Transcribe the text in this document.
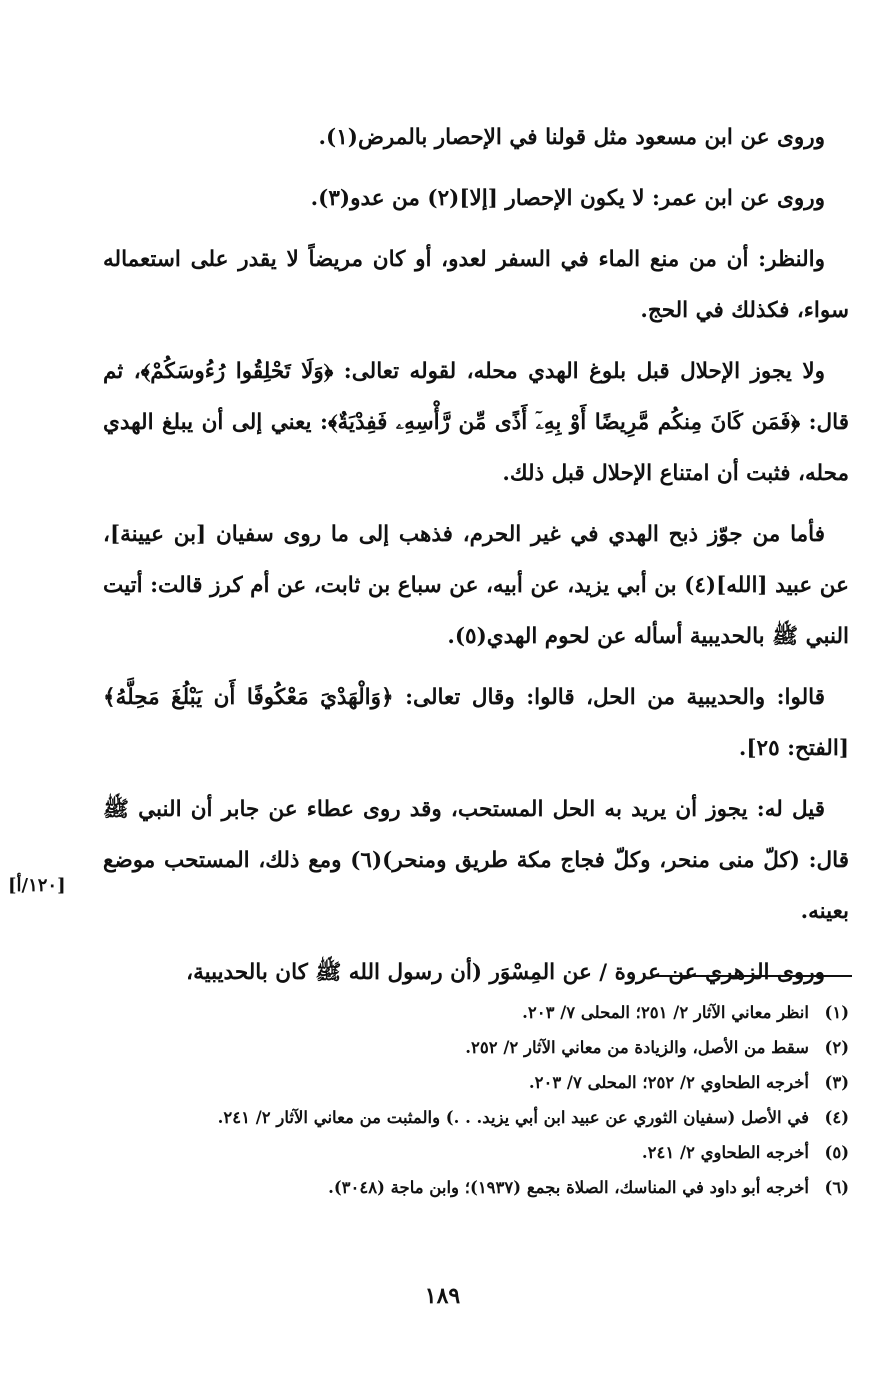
وروى عن ابن مسعود مثل قولنا في الإحصار بالمرض(١).

وروى عن ابن عمر: لا يكون الإحصار [إلا](٢) من عدو(٣).

والنظر: أن من منع الماء في السفر لعدو، أو كان مريضاً لا يقدر على استعماله سواء، فكذلك في الحج.

ولا يجوز الإحلال قبل بلوغ الهدي محله، لقوله تعالى: ﴿وَلَا تَحْلِقُوا رُءُوسَكُمْ﴾، ثم قال: ﴿فَمَن كَانَ مِنكُم مَّرِيضًا أَوْ بِهِۦٓ أَذًى مِّن رَّأْسِهِۦ فَفِدْيَةٌ﴾: يعني إلى أن يبلغ الهدي محله، فثبت أن امتناع الإحلال قبل ذلك.

فأما من جوّز ذبح الهدي في غير الحرم، فذهب إلى ما روى سفيان [بن عيينة]، عن عبيد [الله](٤) بن أبي يزيد، عن أبيه، عن سباع بن ثابت، عن أم كرز قالت: أتيت النبي ﷺ بالحديبية أسأله عن لحوم الهدي(٥).

قالوا: والحديبية من الحل، قالوا: وقال تعالى: ﴿وَالْهَدْيَ مَعْكُوفًا أَن يَبْلُغَ مَحِلَّهُ﴾ [الفتح: ٢٥].

قيل له: يجوز أن يريد به الحل المستحب، وقد روى عطاء عن جابر أن النبي ﷺ قال: (كلّ منى منحر، وكلّ فجاج مكة طريق ومنحر)(٦) ومع ذلك، المستحب موضع بعينه.

وروى الزهري عن عروة / عن المِسْوَر (أن رسول الله ﷺ كان بالحديبية،

[١٢٠/أ]
(١)
انظر معاني الآثار ٢/ ٢٥١؛ المحلى ٧/ ٢٠٣.
(٢)
سقط من الأصل، والزيادة من معاني الآثار ٢/ ٢٥٢.
(٣)
أخرجه الطحاوي ٢/ ٢٥٢؛ المحلى ٧/ ٢٠٣.
(٤)
في الأصل (سفيان الثوري عن عبيد ابن أبي يزيد. . .) والمثبت من معاني الآثار ٢/ ٢٤١.
(٥)
أخرجه الطحاوي ٢/ ٢٤١.
(٦)
أخرجه أبو داود في المناسك، الصلاة بجمع (١٩٣٧)؛ وابن ماجة (٣٠٤٨).
١٨٩
